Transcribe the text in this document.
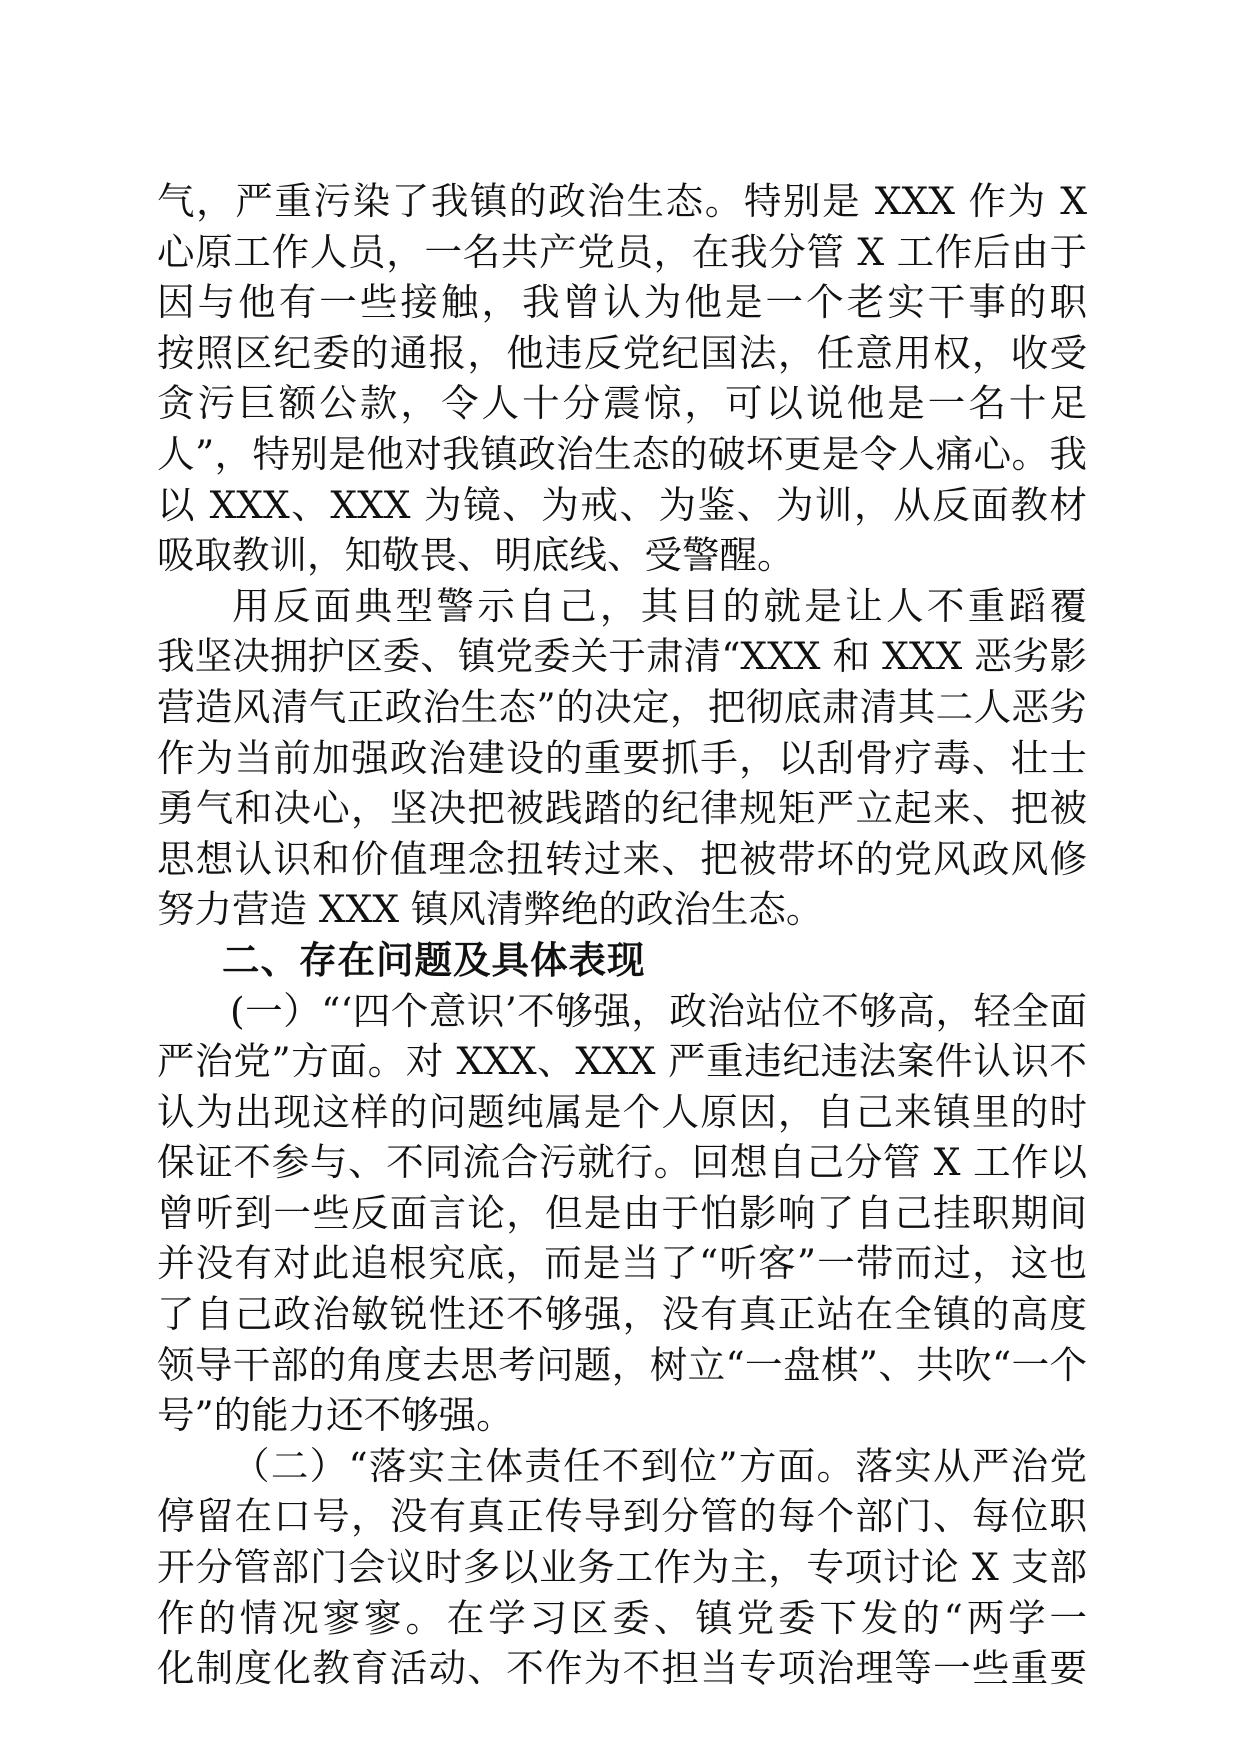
气，严重污染了我镇的政治生态。特别是 XXX 作为 X
心原工作人员，一名共产党员，在我分管 X 工作后由于
因与他有一些接触，我曾认为他是一个老实干事的职
按照区纪委的通报，他违反党纪国法，任意用权，收受
贪污巨额公款，令人十分震惊，可以说他是一名十足
人”，特别是他对我镇政治生态的破坏更是令人痛心。我
以 XXX、XXX 为镜、为戒、为鉴、为训，从反面教材
吸取教训，知敬畏、明底线、受警醒。
用反面典型警示自己，其目的就是让人不重蹈覆
我坚决拥护区委、镇党委关于肃清“XXX 和 XXX 恶劣影
营造风清气正政治生态”的决定，把彻底肃清其二人恶劣
作为当前加强政治建设的重要抓手，以刮骨疗毒、壮士
勇气和决心，坚决把被践踏的纪律规矩严立起来、把被
思想认识和价值理念扭转过来、把被带坏的党风政风修
努力营造 XXX 镇风清弊绝的政治生态。
二、存在问题及具体表现
(一）“‘四个意识’不够强，政治站位不够高，轻全面
严治党”方面。对 XXX、XXX 严重违纪违法案件认识不
认为出现这样的问题纯属是个人原因，自己来镇里的时
保证不参与、不同流合污就行。回想自己分管 X 工作以
曾听到一些反面言论，但是由于怕影响了自己挂职期间
并没有对此追根究底，而是当了“听客”一带而过，这也
了自己政治敏锐性还不够强，没有真正站在全镇的高度
领导干部的角度去思考问题，树立“一盘棋”、共吹“一个
号”的能力还不够强。
（二）“落实主体责任不到位”方面。落实从严治党
停留在口号，没有真正传导到分管的每个部门、每位职
开分管部门会议时多以业务工作为主，专项讨论 X 支部
作的情况寥寥。在学习区委、镇党委下发的“两学一
化制度化教育活动、不作为不担当专项治理等一些重要
